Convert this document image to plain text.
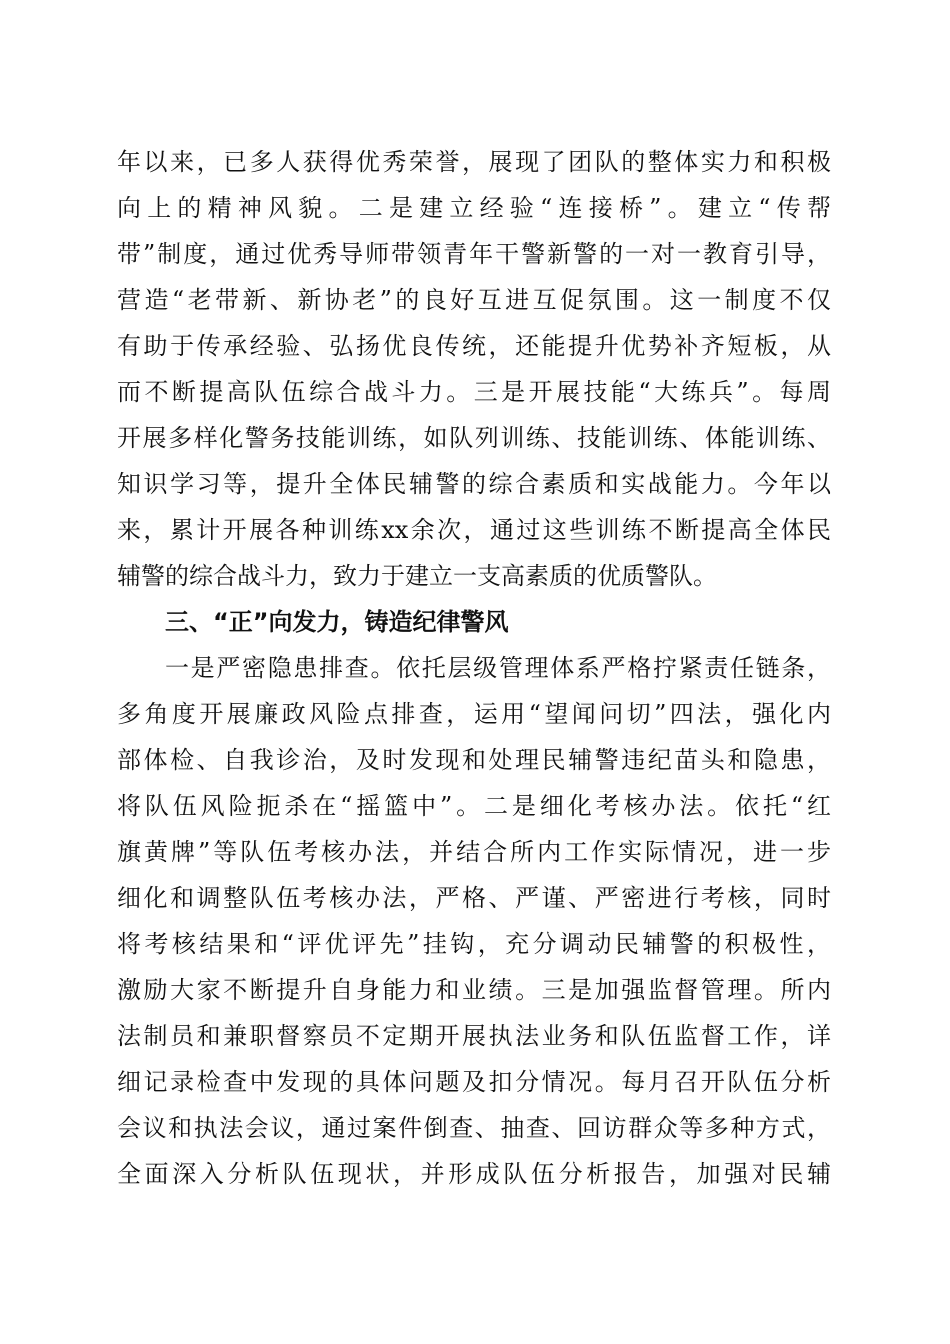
年以来，已多人获得优秀荣誉，展现了团队的整体实力和积极
向上的精神风貌。二是建立经验“连接桥”。建立“传帮
带”制度，通过优秀导师带领青年干警新警的一对一教育引导，
营造“老带新、新协老”的良好互进互促氛围。这一制度不仅
有助于传承经验、弘扬优良传统，还能提升优势补齐短板，从
而不断提高队伍综合战斗力。三是开展技能“大练兵”。每周
开展多样化警务技能训练，如队列训练、技能训练、体能训练、
知识学习等，提升全体民辅警的综合素质和实战能力。今年以
来，累计开展各种训练xx余次，通过这些训练不断提高全体民
辅警的综合战斗力，致力于建立一支高素质的优质警队。
三、“正”向发力，铸造纪律警风
一是严密隐患排查。依托层级管理体系严格拧紧责任链条，
多角度开展廉政风险点排查，运用“望闻问切”四法，强化内
部体检、自我诊治，及时发现和处理民辅警违纪苗头和隐患，
将队伍风险扼杀在“摇篮中”。二是细化考核办法。依托“红
旗黄牌”等队伍考核办法，并结合所内工作实际情况，进一步
细化和调整队伍考核办法，严格、严谨、严密进行考核，同时
将考核结果和“评优评先”挂钩，充分调动民辅警的积极性，
激励大家不断提升自身能力和业绩。三是加强监督管理。所内
法制员和兼职督察员不定期开展执法业务和队伍监督工作，详
细记录检查中发现的具体问题及扣分情况。每月召开队伍分析
会议和执法会议，通过案件倒查、抽查、回访群众等多种方式，
全面深入分析队伍现状，并形成队伍分析报告，加强对民辅
